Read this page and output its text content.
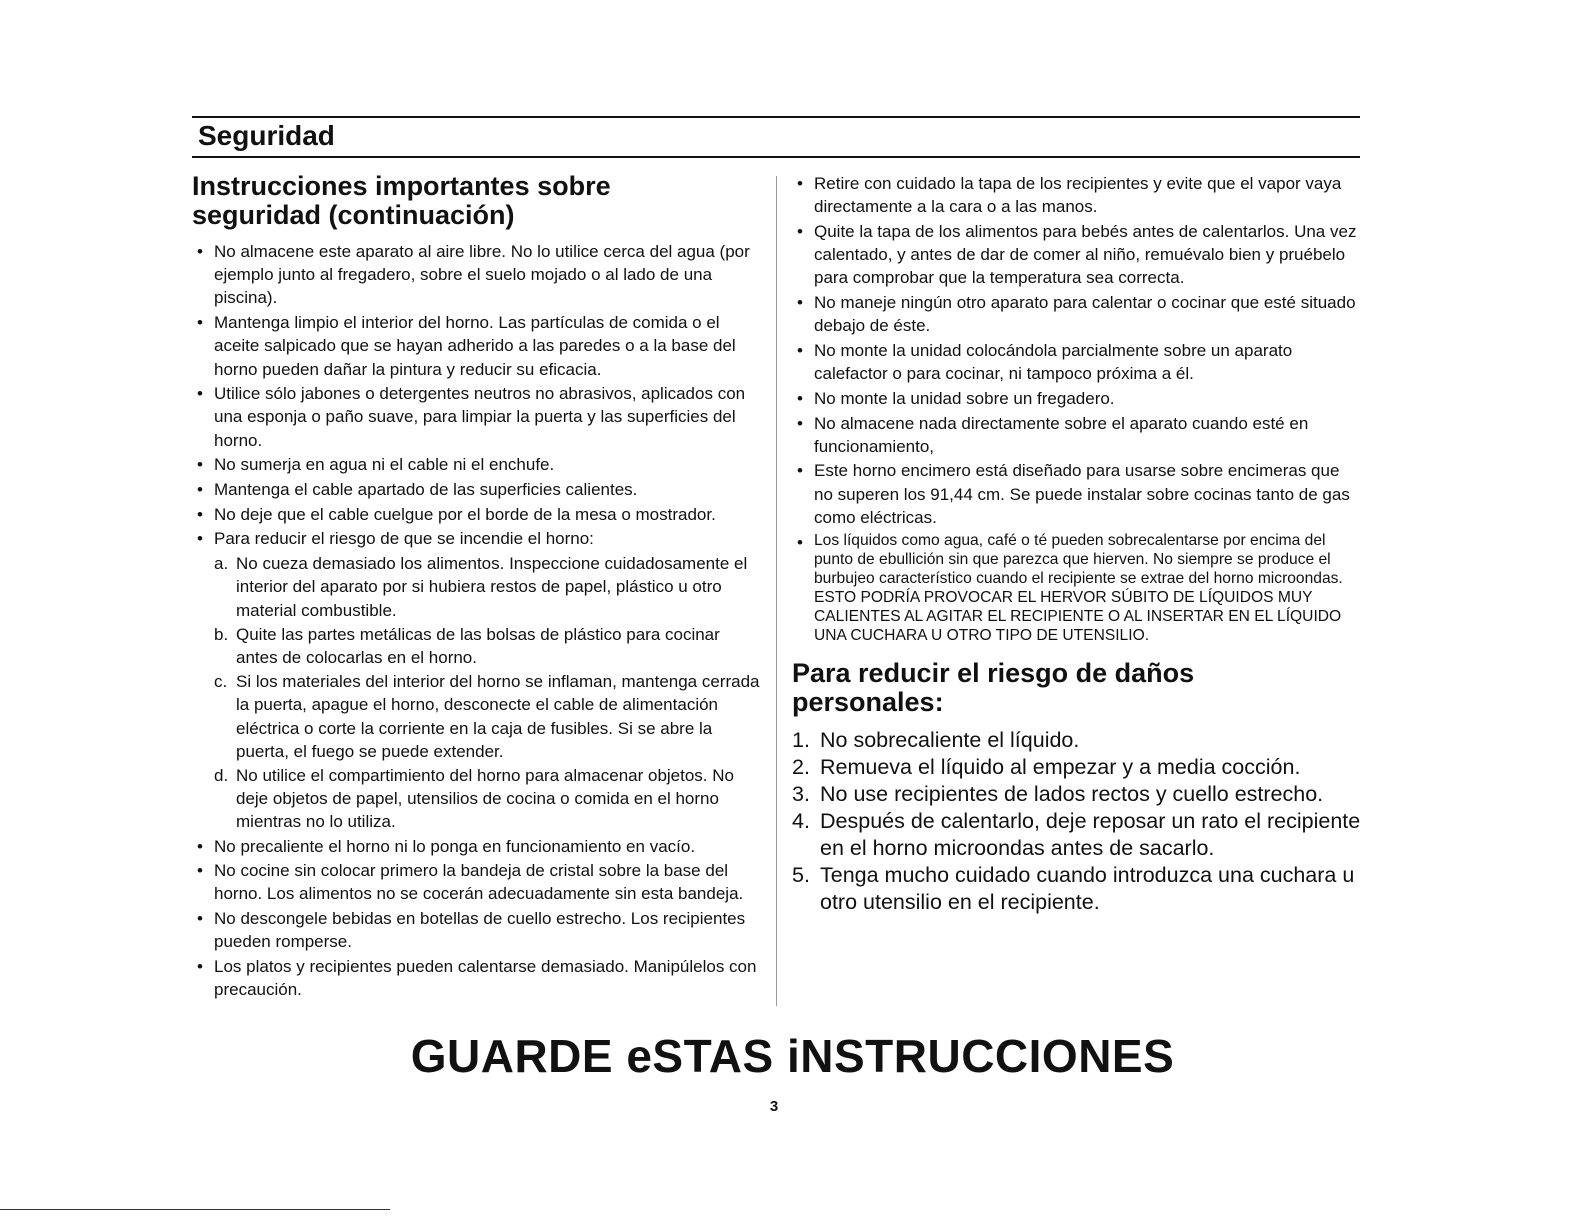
Seguridad
Instrucciones importantes sobre seguridad (continuación)
• No almacene este aparato al aire libre. No lo utilice cerca del agua (por ejemplo junto al fregadero, sobre el suelo mojado o al lado de una piscina).
• Mantenga limpio el interior del horno. Las partículas de comida o el aceite salpicado que se hayan adherido a las paredes o a la base del horno pueden dañar la pintura y reducir su eficacia.
• Utilice sólo jabones o detergentes neutros no abrasivos, aplicados con una esponja o paño suave, para limpiar la puerta y las superficies del horno.
• No sumerja en agua ni el cable ni el enchufe.
• Mantenga el cable apartado de las superficies calientes.
• No deje que el cable cuelgue por el borde de la mesa o mostrador.
• Para reducir el riesgo de que se incendie el horno:
a. No cueza demasiado los alimentos. Inspeccione cuidadosamente el interior del aparato por si hubiera restos de papel, plástico u otro material combustible.
b. Quite las partes metálicas de las bolsas de plástico para cocinar antes de colocarlas en el horno.
c. Si los materiales del interior del horno se inflaman, mantenga cerrada la puerta, apague el horno, desconecte el cable de alimentación eléctrica o corte la corriente en la caja de fusibles. Si se abre la puerta, el fuego se puede extender.
d. No utilice el compartimiento del horno para almacenar objetos. No deje objetos de papel, utensilios de cocina o comida en el horno mientras no lo utiliza.
• No precaliente el horno ni lo ponga en funcionamiento en vacío.
• No cocine sin colocar primero la bandeja de cristal sobre la base del horno. Los alimentos no se cocerán adecuadamente sin esta bandeja.
• No descongele bebidas en botellas de cuello estrecho. Los recipientes pueden romperse.
• Los platos y recipientes pueden calentarse demasiado. Manipúlelos con precaución.
• Retire con cuidado la tapa de los recipientes y evite que el vapor vaya directamente a la cara o a las manos.
• Quite la tapa de los alimentos para bebés antes de calentarlos. Una vez calentado, y antes de dar de comer al niño, remuévalo bien y pruébelo para comprobar que la temperatura sea correcta.
• No maneje ningún otro aparato para calentar o cocinar que esté situado debajo de éste.
• No monte la unidad colocándola parcialmente sobre un aparato calefactor o para cocinar, ni tampoco próxima a él.
• No monte la unidad sobre un fregadero.
• No almacene nada directamente sobre el aparato cuando esté en funcionamiento,
• Este horno encimero está diseñado para usarse sobre encimeras que no superen los 91,44 cm. Se puede instalar sobre cocinas tanto de gas como eléctricas.
• Los líquidos como agua, café o té pueden sobrecalentarse por encima del punto de ebullición sin que parezca que hierven. No siempre se produce el burbujeo característico cuando el recipiente se extrae del horno microondas. ESTO PODRÍA PROVOCAR EL HERVOR SÚBITO DE LÍQUIDOS MUY CALIENTES AL AGITAR EL RECIPIENTE O AL INSERTAR EN EL LÍQUIDO UNA CUCHARA U OTRO TIPO DE UTENSILIO.
Para reducir el riesgo de daños personales:
1. No sobrecaliente el líquido.
2. Remueva el líquido al empezar y a media cocción.
3. No use recipientes de lados rectos y cuello estrecho.
4. Después de calentarlo, deje reposar un rato el recipiente en el horno microondas antes de sacarlo.
5. Tenga mucho cuidado cuando introduzca una cuchara u otro utensilio en el recipiente.
GUARDE eSTAS iNSTRUCCIONES
3
